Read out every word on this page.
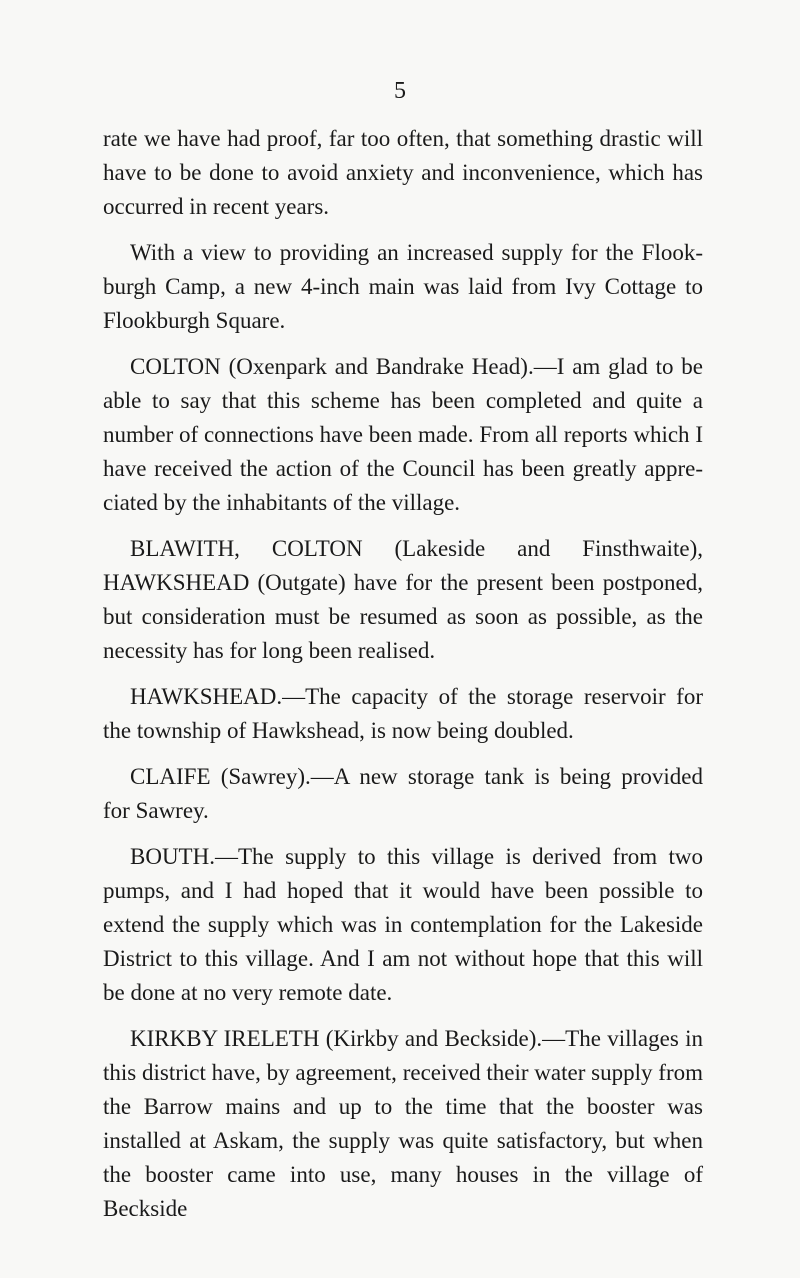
5

rate we have had proof, far too often, that something drastic will have to be done to avoid anxiety and inconvenience, which has occurred in recent years.

With a view to providing an increased supply for the Flook-burgh Camp, a new 4-inch main was laid from Ivy Cottage to Flookburgh Square.

COLTON (Oxenpark and Bandrake Head).—I am glad to be able to say that this scheme has been completed and quite a number of connections have been made. From all reports which I have received the action of the Council has been greatly appre-ciated by the inhabitants of the village.

BLAWITH, COLTON (Lakeside and Finsthwaite), HAWKSHEAD (Outgate) have for the present been postponed, but consideration must be resumed as soon as possible, as the necessity has for long been realised.

HAWKSHEAD.—The capacity of the storage reservoir for the township of Hawkshead, is now being doubled.

CLAIFE (Sawrey).—A new storage tank is being provided for Sawrey.

BOUTH.—The supply to this village is derived from two pumps, and I had hoped that it would have been possible to extend the supply which was in contemplation for the Lakeside District to this village. And I am not without hope that this will be done at no very remote date.

KIRKBY IRELETH (Kirkby and Beckside).—The villages in this district have, by agreement, received their water supply from the Barrow mains and up to the time that the booster was installed at Askam, the supply was quite satisfactory, but when the booster came into use, many houses in the village of Beckside
